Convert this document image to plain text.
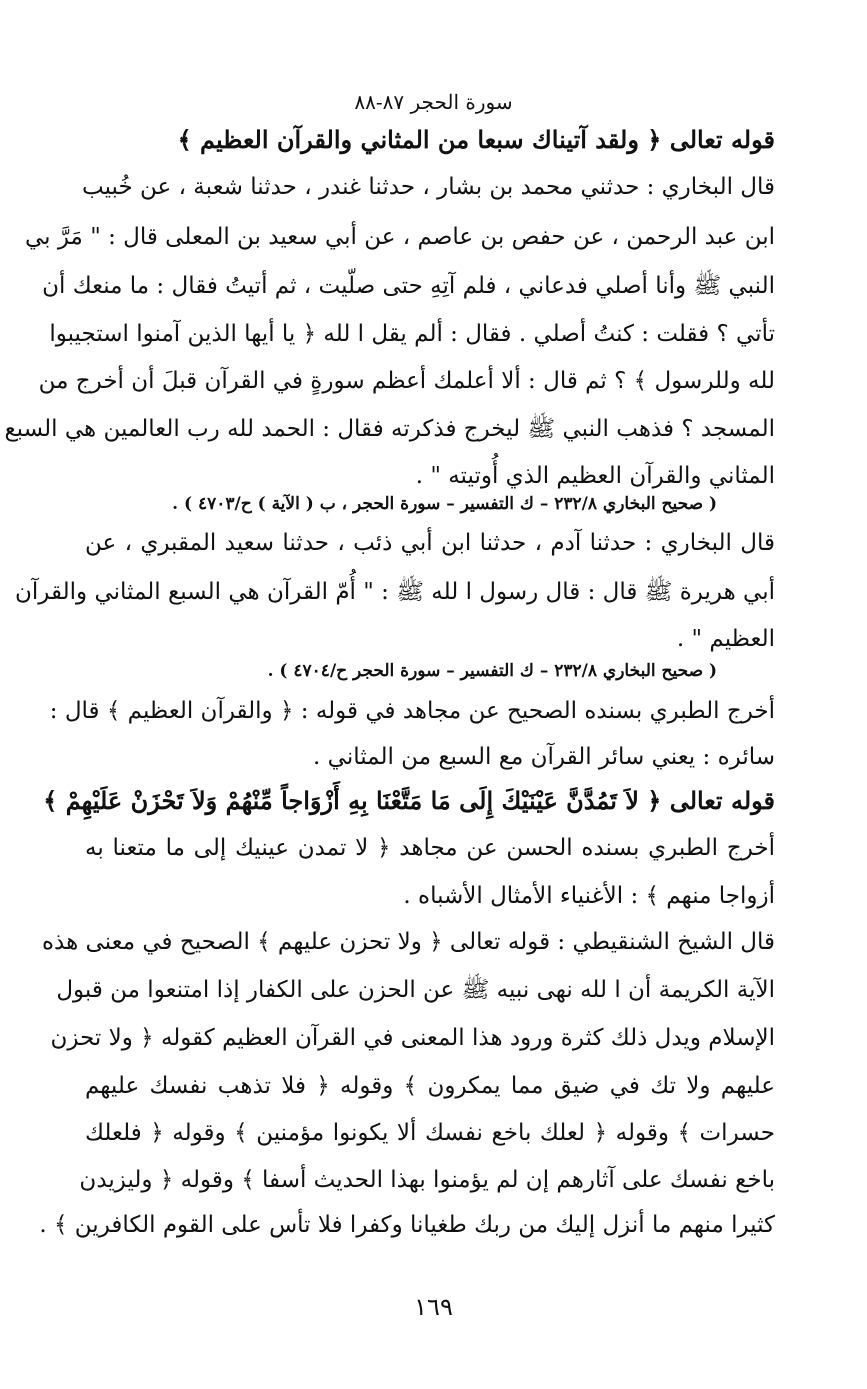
سورة الحجر ٨٧-٨٨
قوله تعالى ﴿ ولقد آتيناك سبعا من المثاني والقرآن العظيم ﴾
قال البخاري : حدثني محمد بن بشار ، حدثنا غندر ، حدثنا شعبة ، عن خُبيب
ابن عبد الرحمن ، عن حفص بن عاصم ، عن أبي سعيد بن المعلى قال : " مَرَّ بي
النبي ﷺ وأنا أصلي فدعاني ، فلم آتِهِ حتى صلّيت ، ثم أتيتُ فقال : ما منعك أن
تأتي ؟ فقلت : كنتُ أصلي . فقال : ألم يقل ا لله ﴿ يا أيها الذين آمنوا استجيبوا
لله وللرسول ﴾ ؟ ثم قال : ألا أعلمك أعظم سورةٍ في القرآن قبلَ أن أخرج من
المسجد ؟ فذهب النبي ﷺ ليخرج فذكرته فقال : الحمد لله رب العالمين هي السبع
المثاني والقرآن العظيم الذي أُوتيته " .
( صحيح البخاري ٢٣٢/٨ – ك التفسير – سورة الحجر ، ب ( الآية ) ح/٤٧٠٣ ) .
قال البخاري : حدثنا آدم ، حدثنا ابن أبي ذئب ، حدثنا سعيد المقبري ، عن
أبي هريرة ﷺ قال : قال رسول ا لله ﷺ : " أُمّ القرآن هي السبع المثاني والقرآن
العظيم " .
( صحيح البخاري ٢٣٢/٨ – ك التفسير – سورة الحجر ح/٤٧٠٤ ) .
أخرج الطبري بسنده الصحيح عن مجاهد في قوله : ﴿ والقرآن العظيم ﴾ قال :
سائره : يعني سائر القرآن مع السبع من المثاني .
قوله تعالى ﴿ لاَ تَمُدَّنَّ عَيْنَيْكَ إِلَى مَا مَتَّعْنَا بِهِ أَزْوَاجاً مِّنْهُمْ وَلاَ تَحْزَنْ عَلَيْهِمْ ﴾
أخرج الطبري بسنده الحسن عن مجاهد ﴿ لا تمدن عينيك إلى ما متعنا به
أزواجا منهم ﴾ : الأغنياء الأمثال الأشباه .
قال الشيخ الشنقيطي : قوله تعالى ﴿ ولا تحزن عليهم ﴾ الصحيح في معنى هذه
الآية الكريمة أن ا لله نهى نبيه ﷺ عن الحزن على الكفار إذا امتنعوا من قبول
الإسلام ويدل ذلك كثرة ورود هذا المعنى في القرآن العظيم كقوله ﴿ ولا تحزن
عليهم ولا تك في ضيق مما يمكرون ﴾ وقوله ﴿ فلا تذهب نفسك عليهم
حسرات ﴾ وقوله ﴿ لعلك باخع نفسك ألا يكونوا مؤمنين ﴾ وقوله ﴿ فلعلك
باخع نفسك على آثارهم إن لم يؤمنوا بهذا الحديث أسفا ﴾ وقوله ﴿ وليزيدن
كثيرا منهم ما أنزل إليك من ربك طغيانا وكفرا فلا تأس على القوم الكافرين ﴾ .
١٦٩
